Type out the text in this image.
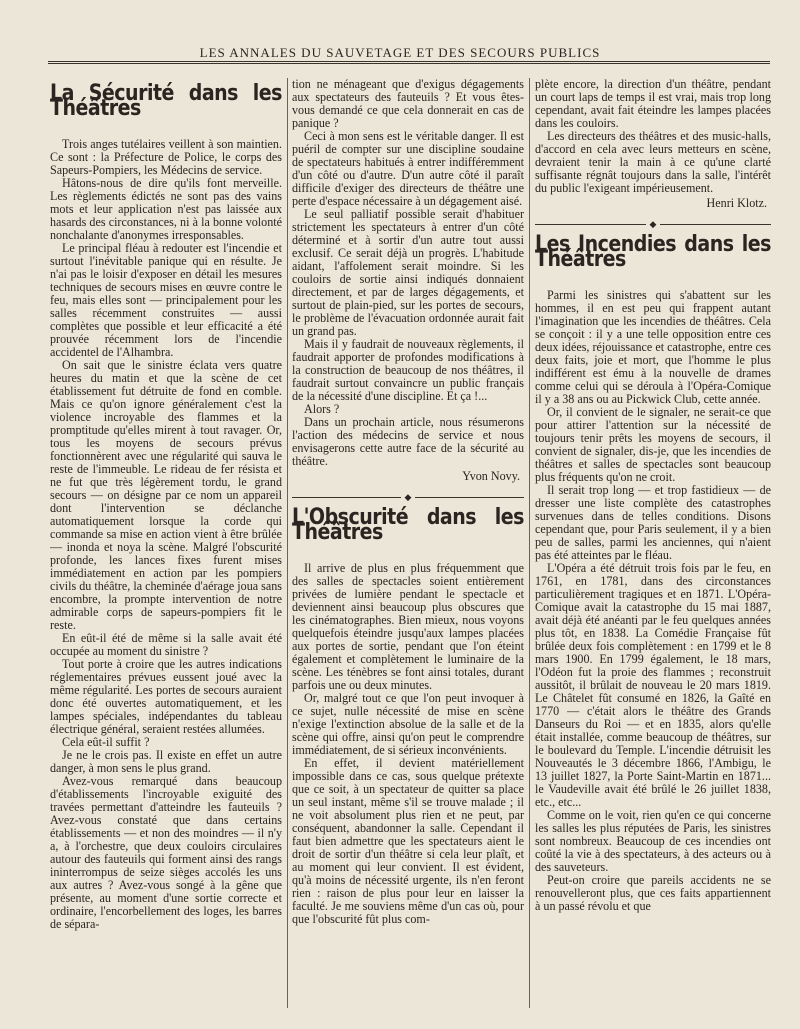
LES ANNALES DU SAUVETAGE ET DES SECOURS PUBLICS
La Sécurité dans les Théâtres

Trois anges tutélaires veillent à son maintien. Ce sont : la Préfecture de Police, le corps des Sapeurs-Pompiers, les Médecins de service.

Hâtons-nous de dire qu'ils font merveille. Les règlements édictés ne sont pas des vains mots et leur application n'est pas laissée aux hasards des circonstances, ni à la bonne volonté nonchalante d'anonymes irresponsables.

Le principal fléau à redouter est l'incendie et surtout l'inévitable panique qui en résulte. Je n'ai pas le loisir d'exposer en détail les mesures techniques de secours mises en œuvre contre le feu, mais elles sont — principalement pour les salles récemment construites — aussi complètes que possible et leur efficacité a été prouvée récemment lors de l'incendie accidentel de l'Alhambra.

On sait que le sinistre éclata vers quatre heures du matin et que la scène de cet établissement fut détruite de fond en comble. Mais ce qu'on ignore généralement c'est la violence incroyable des flammes et la promptitude qu'elles mirent à tout ravager. Or, tous les moyens de secours prévus fonctionnèrent avec une régularité qui sauva le reste de l'immeuble. Le rideau de fer résista et ne fut que très légèrement tordu, le grand secours — on désigne par ce nom un appareil dont l'intervention se déclanche automatiquement lorsque la corde qui commande sa mise en action vient à être brûlée — inonda et noya la scène. Malgré l'obscurité profonde, les lances fixes furent mises immédiatement en action par les pompiers civils du théâtre, la cheminée d'aérage joua sans encombre, la prompte intervention de notre admirable corps de sapeurs-pompiers fit le reste.

En eût-il été de même si la salle avait été occupée au moment du sinistre ?

Tout porte à croire que les autres indications réglementaires prévues eussent joué avec la même régularité. Les portes de secours auraient donc été ouvertes automatiquement, et les lampes spéciales, indépendantes du tableau électrique général, seraient restées allumées.

Cela eût-il suffit ?

Je ne le crois pas. Il existe en effet un autre danger, à mon sens le plus grand.

Avez-vous remarqué dans beaucoup d'établissements l'incroyable exiguité des travées permettant d'atteindre les fauteuils ? Avez-vous constaté que dans certains établissements — et non des moindres — il n'y a, à l'orchestre, que deux couloirs circulaires autour des fauteuils qui forment ainsi des rangs ininterrompus de seize sièges accolés les uns aux autres ? Avez-vous songé à la gêne que présente, au moment d'une sortie correcte et ordinaire, l'encorbellement des loges, les barres de sépara-

tion ne ménageant que d'exigus dégagements aux spectateurs des fauteuils ? Et vous êtes-vous demandé ce que cela donnerait en cas de panique ?

Ceci à mon sens est le véritable danger. Il est puéril de compter sur une discipline soudaine de spectateurs habitués à entrer indifféremment d'un côté ou d'autre. D'un autre côté il paraît difficile d'exiger des directeurs de théâtre une perte d'espace nécessaire à un dégagement aisé.

Le seul palliatif possible serait d'habituer strictement les spectateurs à entrer d'un côté déterminé et à sortir d'un autre tout aussi exclusif. Ce serait déjà un progrès. L'habitude aidant, l'affolement serait moindre. Si les couloirs de sortie ainsi indiqués donnaient directement, et par de larges dégagements, et surtout de plain-pied, sur les portes de secours, le problème de l'évacuation ordonnée aurait fait un grand pas.

Mais il y faudrait de nouveaux règlements, il faudrait apporter de profondes modifications à la construction de beaucoup de nos théâtres, il faudrait surtout convaincre un public français de la nécessité d'une discipline. Et ça !...

Alors ?

Dans un prochain article, nous résumerons l'action des médecins de service et nous envisagerons cette autre face de la sécurité au théâtre.

Yvon Novy.
◆
L'Obscurité dans les Théâtres

Il arrive de plus en plus fréquemment que des salles de spectacles soient entièrement privées de lumière pendant le spectacle et deviennent ainsi beaucoup plus obscures que les cinématographes. Bien mieux, nous voyons quelquefois éteindre jusqu'aux lampes placées aux portes de sortie, pendant que l'on éteint également et complètement le luminaire de la scène. Les ténèbres se font ainsi totales, durant parfois une ou deux minutes.

Or, malgré tout ce que l'on peut invoquer à ce sujet, nulle nécessité de mise en scène n'exige l'extinction absolue de la salle et de la scène qui offre, ainsi qu'on peut le comprendre immédiatement, de si sérieux inconvénients.

En effet, il devient matériellement impossible dans ce cas, sous quelque prétexte que ce soit, à un spectateur de quitter sa place un seul instant, même s'il se trouve malade ; il ne voit absolument plus rien et ne peut, par conséquent, abandonner la salle. Cependant il faut bien admettre que les spectateurs aient le droit de sortir d'un théâtre si cela leur plaît, et au moment qui leur convient. Il est évident, qu'à moins de nécessité urgente, ils n'en feront rien : raison de plus pour leur en laisser la faculté. Je me souviens même d'un cas où, pour que l'obscurité fût plus com-

plète encore, la direction d'un théâtre, pendant un court laps de temps il est vrai, mais trop long cependant, avait fait éteindre les lampes placées dans les couloirs.

Les directeurs des théâtres et des music-halls, d'accord en cela avec leurs metteurs en scène, devraient tenir la main à ce qu'une clarté suffisante régnât toujours dans la salle, l'intérêt du public l'exigeant impérieusement.

Henri Klotz.
◆
Les Incendies dans les Théâtres

Parmi les sinistres qui s'abattent sur les hommes, il en est peu qui frappent autant l'imagination que les incendies de théâtres. Cela se conçoit : il y a une telle opposition entre ces deux idées, réjouissance et catastrophe, entre ces deux faits, joie et mort, que l'homme le plus indifférent est ému à la nouvelle de drames comme celui qui se déroula à l'Opéra-Comique il y a 38 ans ou au Pickwick Club, cette année.

Or, il convient de le signaler, ne serait-ce que pour attirer l'attention sur la nécessité de toujours tenir prêts les moyens de secours, il convient de signaler, dis-je, que les incendies de théâtres et salles de spectacles sont beaucoup plus fréquents qu'on ne croit.

Il serait trop long — et trop fastidieux — de dresser une liste complète des catastrophes survenues dans de telles conditions. Disons cependant que, pour Paris seulement, il y a bien peu de salles, parmi les anciennes, qui n'aient pas été atteintes par le fléau.

L'Opéra a été détruit trois fois par le feu, en 1761, en 1781, dans des circonstances particulièrement tragiques et en 1871. L'Opéra-Comique avait la catastrophe du 15 mai 1887, avait déjà été anéanti par le feu quelques années plus tôt, en 1838. La Comédie Française fût brûlée deux fois complètement : en 1799 et le 8 mars 1900. En 1799 également, le 18 mars, l'Odéon fut la proie des flammes ; reconstruit aussitôt, il brûlait de nouveau le 20 mars 1819. Le Châtelet fût consumé en 1826, la Gaîté en 1770 — c'était alors le théâtre des Grands Danseurs du Roi — et en 1835, alors qu'elle était installée, comme beaucoup de théâtres, sur le boulevard du Temple. L'incendie détruisit les Nouveautés le 3 décembre 1866, l'Ambigu, le 13 juillet 1827, la Porte Saint-Martin en 1871... le Vaudeville avait été brûlé le 26 juillet 1838, etc., etc...

Comme on le voit, rien qu'en ce qui concerne les salles les plus réputées de Paris, les sinistres sont nombreux. Beaucoup de ces incendies ont coûté la vie à des spectateurs, à des acteurs ou à des sauveteurs.

Peut-on croire que pareils accidents ne se renouvelleront plus, que ces faits appartiennent à un passé révolu et que
